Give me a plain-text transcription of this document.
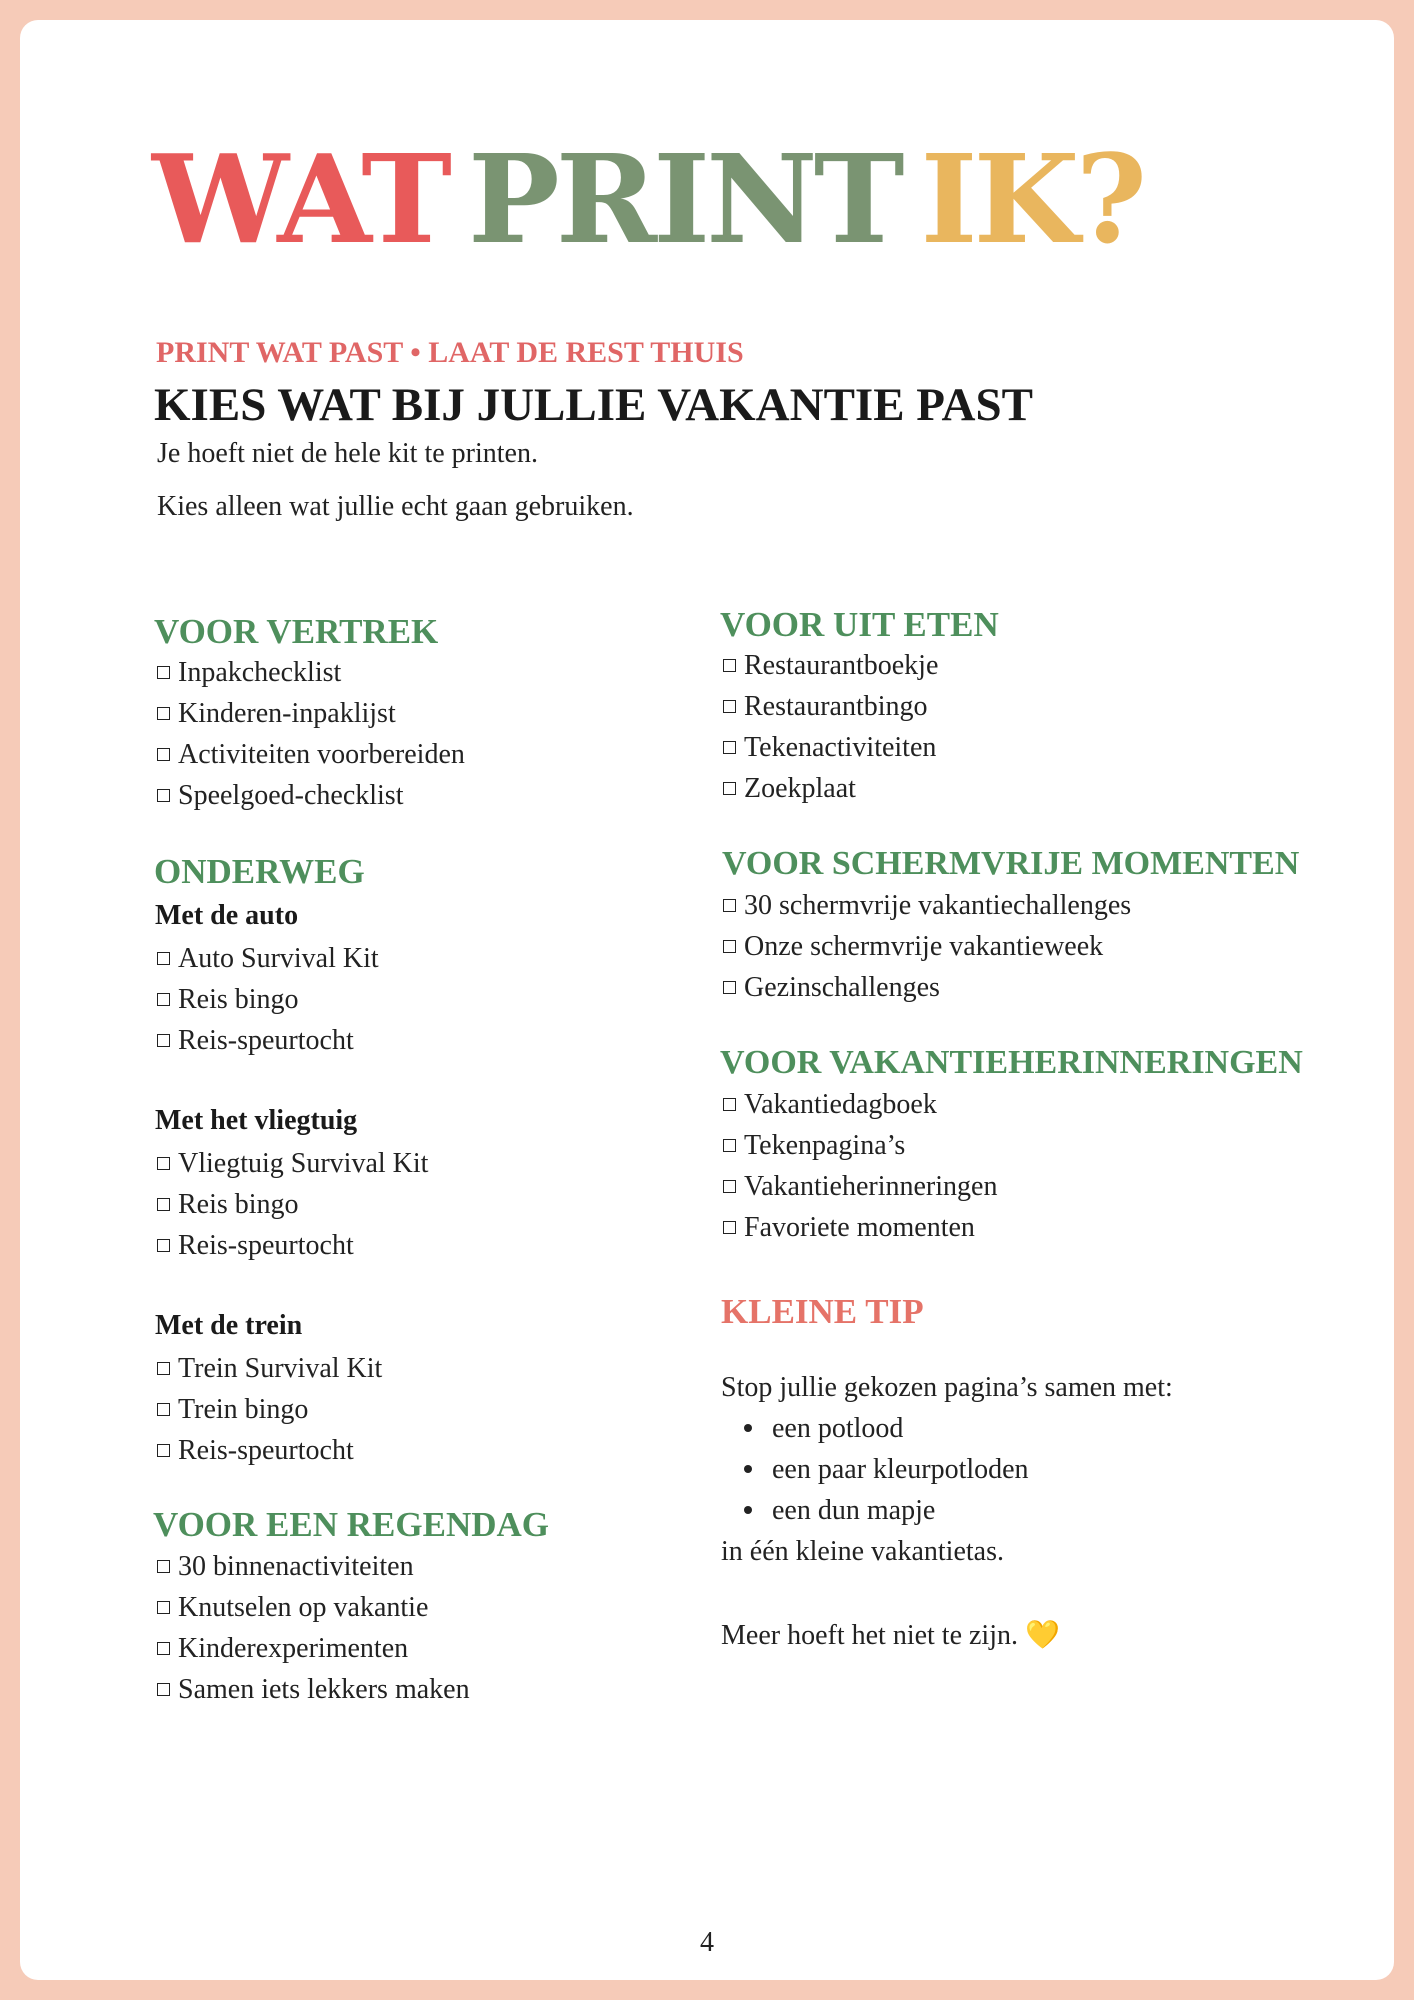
WAT PRINT IK?
PRINT WAT PAST • LAAT DE REST THUIS
KIES WAT BIJ JULLIE VAKANTIE PAST
Je hoeft niet de hele kit te printen.
Kies alleen wat jullie echt gaan gebruiken.
VOOR VERTREK
Inpakchecklist
Kinderen-inpaklijst
Activiteiten voorbereiden
Speelgoed-checklist
ONDERWEG
Met de auto
Auto Survival Kit
Reis bingo
Reis-speurtocht
Met het vliegtuig
Vliegtuig Survival Kit
Reis bingo
Reis-speurtocht
Met de trein
Trein Survival Kit
Trein bingo
Reis-speurtocht
VOOR EEN REGENDAG
30 binnenactiviteiten
Knutselen op vakantie
Kinderexperimenten
Samen iets lekkers maken
VOOR UIT ETEN
Restaurantboekje
Restaurantbingo
Tekenactiviteiten
Zoekplaat
VOOR SCHERMVRIJE MOMENTEN
30 schermvrije vakantiechallenges
Onze schermvrije vakantieweek
Gezinschallenges
VOOR VAKANTIEHERINNERINGEN
Vakantiedagboek
Tekenpagina’s
Vakantieherinneringen
Favoriete momenten
KLEINE TIP
Stop jullie gekozen pagina’s samen met:
een potlood
een paar kleurpotloden
een dun mapje
in één kleine vakantietas.
Meer hoeft het niet te zijn. 💛
4
